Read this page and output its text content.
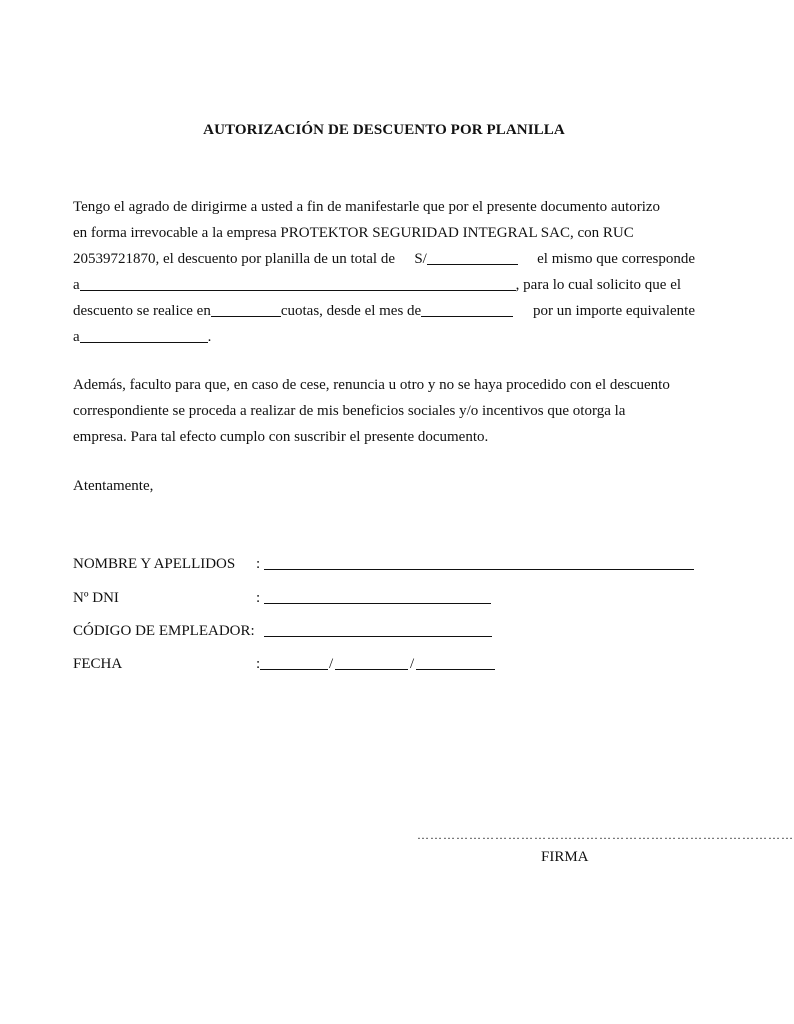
AUTORIZACIÓN DE DESCUENTO POR PLANILLA
Tengo el agrado de dirigirme a usted a fin de manifestarle que por el presente documento autorizo
en forma irrevocable a la empresa PROTEKTOR SEGURIDAD INTEGRAL SAC, con RUC
20539721870, el descuento por planilla de un total de S/	el mismo que corresponde
a	, para lo cual solicito que el
descuento se realice en	cuotas, desde el mes de	por un importe equivalente
a	.
Además, faculto para que, en caso de cese, renuncia u otro y no se haya procedido con el descuento
correspondiente se proceda a realizar de mis beneficios sociales y/o incentivos que otorga la
empresa. Para tal efecto cumplo con suscribir el presente documento.
Atentamente,
NOMBRE Y APELLIDOS :
Nº DNI	:
CÓDIGO DE EMPLEADOR:
FECHA	:	/	/
……………………………………………………………………………
FIRMA
